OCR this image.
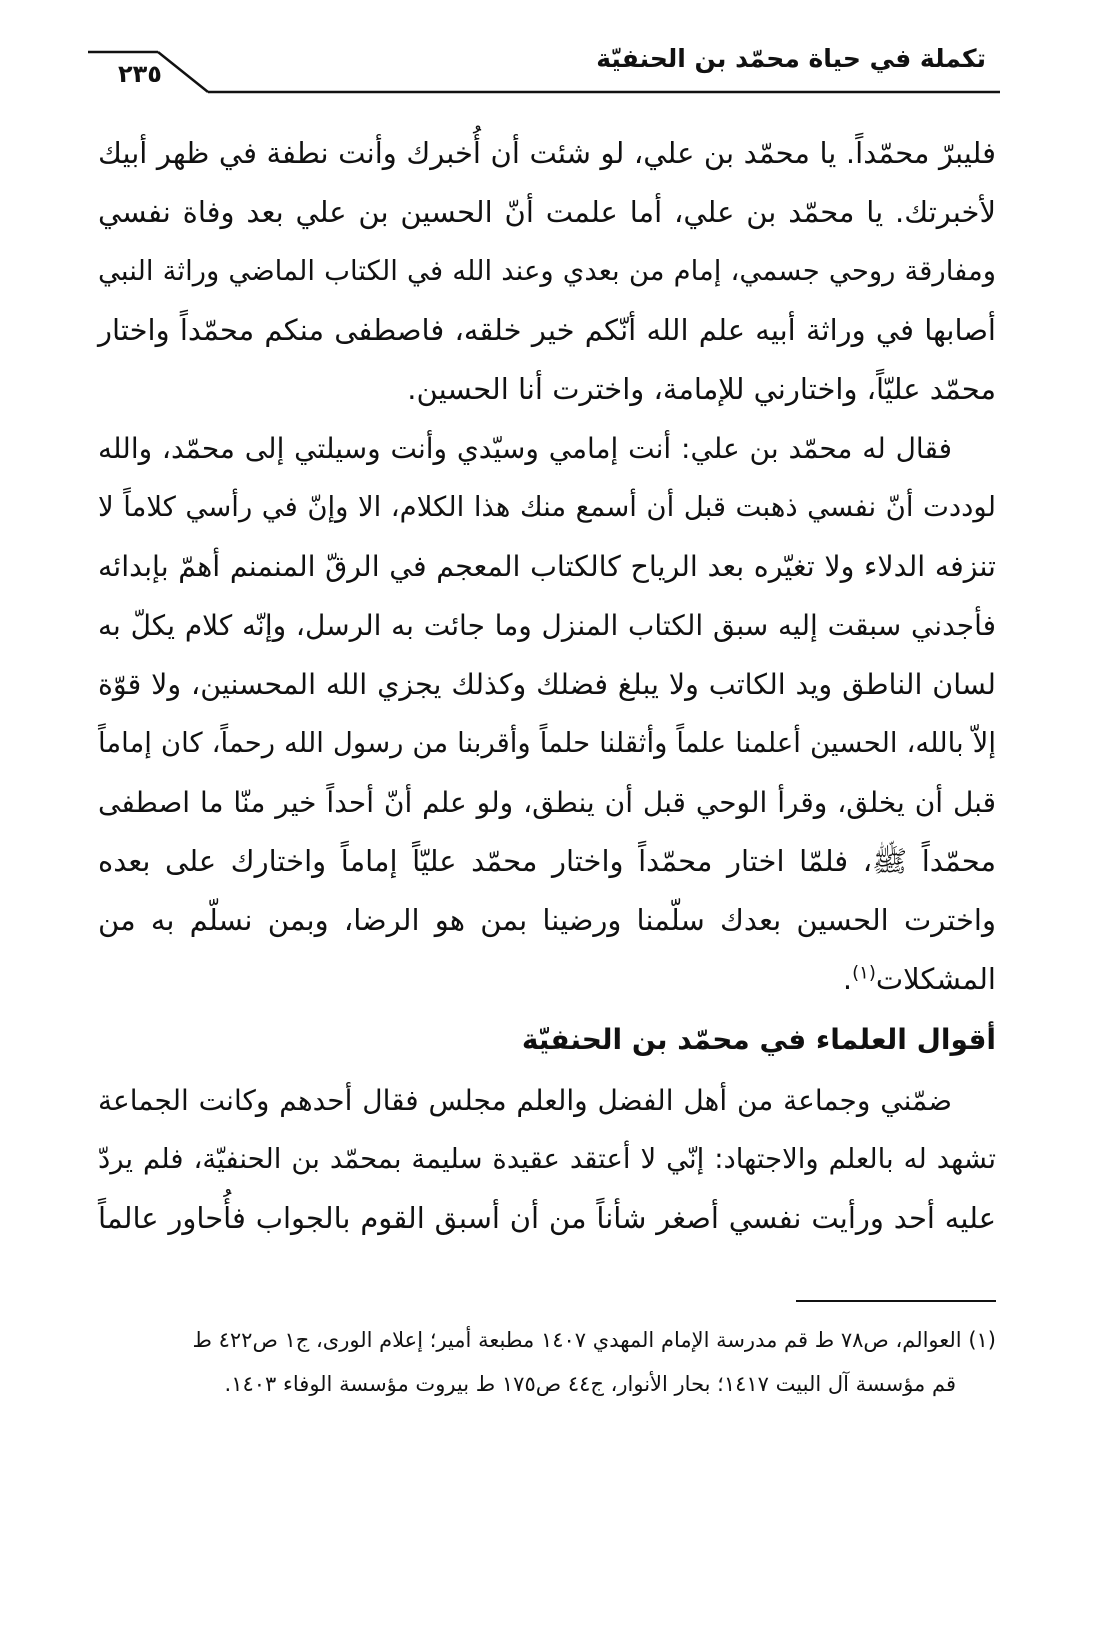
٢٣٥
تكملة في حياة محمّد بن الحنفيّة
فليبرّ محمّداً. يا محمّد بن علي، لو شئت أن أُخبرك وأنت نطفة في ظهر أبيك
لأخبرتك. يا محمّد بن علي، أما علمت أنّ الحسين بن علي بعد وفاة نفسي
ومفارقة روحي جسمي، إمام من بعدي وعند الله في الكتاب الماضي وراثة النبي
أصابها في وراثة أبيه علم الله أنّكم خير خلقه، فاصطفى منكم محمّداً واختار
محمّد عليّاً، واختارني للإمامة، واخترت أنا الحسين.
فقال له محمّد بن علي: أنت إمامي وسيّدي وأنت وسيلتي إلى محمّد، والله
لوددت أنّ نفسي ذهبت قبل أن أسمع منك هذا الكلام، الا وإنّ في رأسي كلاماً لا
تنزفه الدلاء ولا تغيّره بعد الرياح كالكتاب المعجم في الرقّ المنمنم أهمّ بإبدائه
فأجدني سبقت إليه سبق الكتاب المنزل وما جائت به الرسل، وإنّه كلام يكلّ به
لسان الناطق ويد الكاتب ولا يبلغ فضلك وكذلك يجزي الله المحسنين، ولا قوّة
إلاّ بالله، الحسين أعلمنا علماً وأثقلنا حلماً وأقربنا من رسول الله رحماً، كان إماماً
قبل أن يخلق، وقرأ الوحي قبل أن ينطق، ولو علم أنّ أحداً خير منّا ما اصطفى
محمّداً ﷺ، فلمّا اختار محمّداً واختار محمّد عليّاً إماماً واختارك على بعده
واخترت الحسين بعدك سلّمنا ورضينا بمن هو الرضا، وبمن نسلّم به من
المشكلات$^{(١)}$.
أقوال العلماء في محمّد بن الحنفيّة
ضمّني وجماعة من أهل الفضل والعلم مجلس فقال أحدهم وكانت الجماعة
تشهد له بالعلم والاجتهاد: إنّي لا أعتقد عقيدة سليمة بمحمّد بن الحنفيّة، فلم يردّ
عليه أحد ورأيت نفسي أصغر شأناً من أن أسبق القوم بالجواب فأُحاور عالماً
(١) العوالم، ص٧٨ ط قم مدرسة الإمام المهدي ١٤٠٧ مطبعة أمير؛ إعلام الورى، ج١ ص٤٢٢ ط
قم مؤسسة آل البيت ١٤١٧؛ بحار الأنوار، ج٤٤ ص١٧٥ ط بيروت مؤسسة الوفاء ١٤٠٣.
